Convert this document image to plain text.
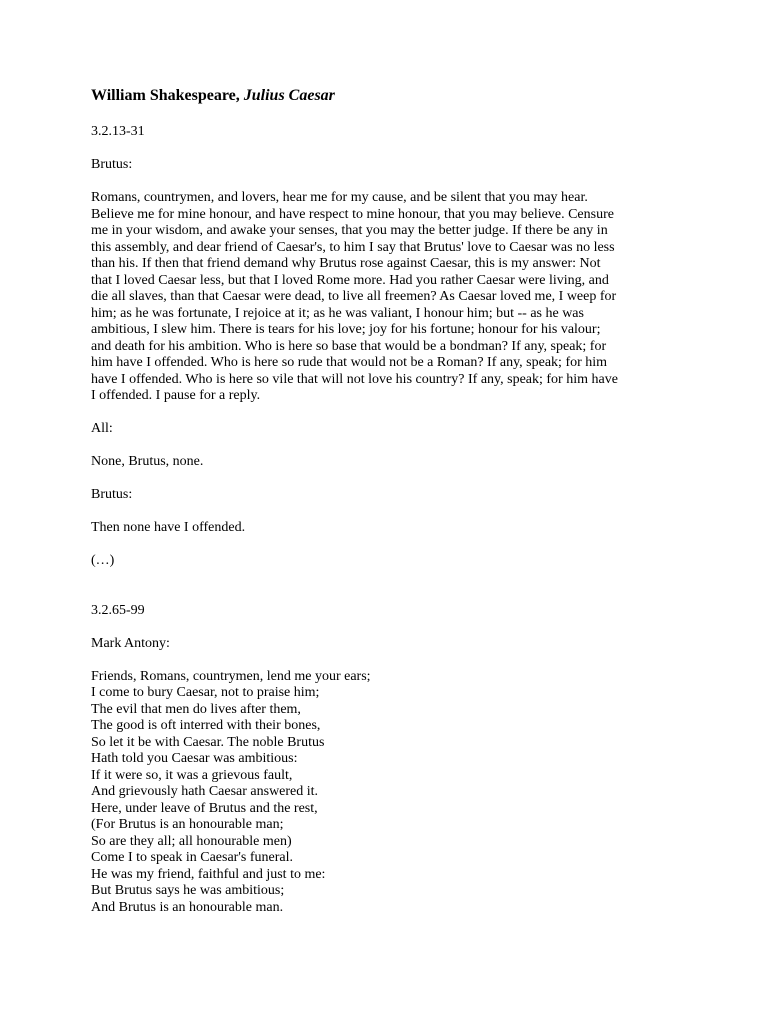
William Shakespeare, Julius Caesar
3.2.13-31
Brutus:
Romans, countrymen, and lovers, hear me for my cause, and be silent that you may hear.
Believe me for mine honour, and have respect to mine honour, that you may believe. Censure
me in your wisdom, and awake your senses, that you may the better judge. If there be any in
this assembly, and dear friend of Caesar's, to him I say that Brutus' love to Caesar was no less
than his. If then that friend demand why Brutus rose against Caesar, this is my answer: Not
that I loved Caesar less, but that I loved Rome more. Had you rather Caesar were living, and
die all slaves, than that Caesar were dead, to live all freemen? As Caesar loved me, I weep for
him; as he was fortunate, I rejoice at it; as he was valiant, I honour him; but -- as he was
ambitious, I slew him. There is tears for his love; joy for his fortune; honour for his valour;
and death for his ambition. Who is here so base that would be a bondman? If any, speak; for
him have I offended. Who is here so rude that would not be a Roman? If any, speak; for him
have I offended. Who is here so vile that will not love his country? If any, speak; for him have
I offended. I pause for a reply.
All:
None, Brutus, none.
Brutus:
Then none have I offended.
(…)
3.2.65-99
Mark Antony:
Friends, Romans, countrymen, lend me your ears;
I come to bury Caesar, not to praise him;
The evil that men do lives after them,
The good is oft interred with their bones,
So let it be with Caesar. The noble Brutus
Hath told you Caesar was ambitious:
If it were so, it was a grievous fault,
And grievously hath Caesar answered it.
Here, under leave of Brutus and the rest,
(For Brutus is an honourable man;
So are they all; all honourable men)
Come I to speak in Caesar's funeral.
He was my friend, faithful and just to me:
But Brutus says he was ambitious;
And Brutus is an honourable man.
